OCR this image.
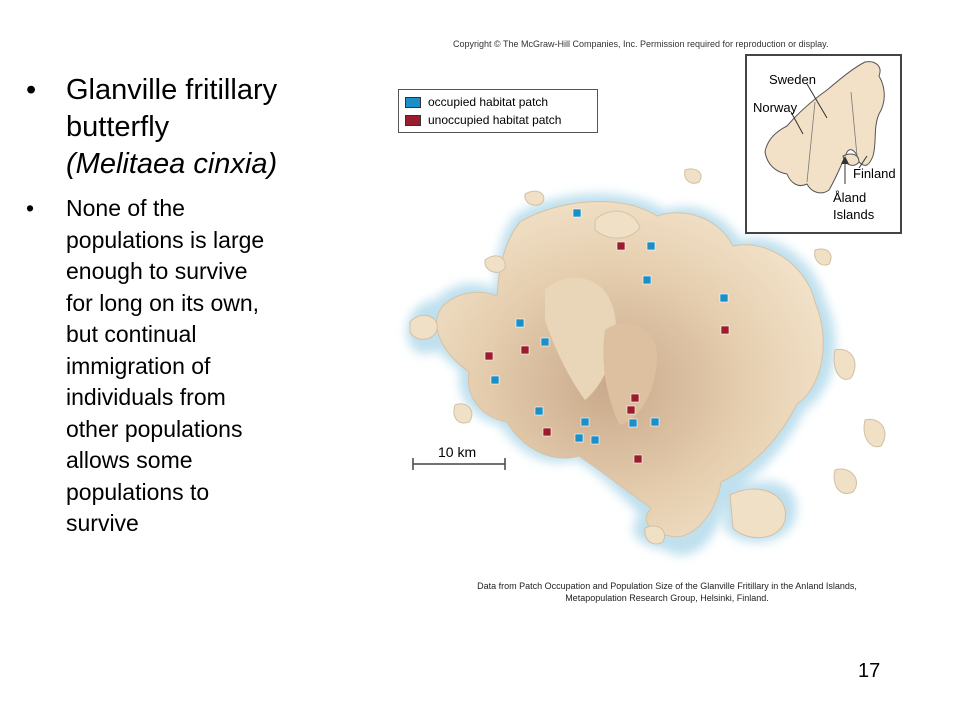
•	Glanville fritillary
butterfly
(Melitaea cinxia)
•	None of the
populations is large
enough to survive
for long on its own,
but continual
immigration of
individuals from
other populations
allows some
populations to
survive
17
Copyright © The McGraw-Hill Companies, Inc. Permission required for reproduction or display.
10 km
occupied habitat patch
unoccupied habitat patch
Sweden
Norway
Finland
Åland
Islands
Data from Patch Occupation and Population Size of the Glanville Fritillary in the Anland Islands,
Metapopulation Research Group, Helsinki, Finland.
